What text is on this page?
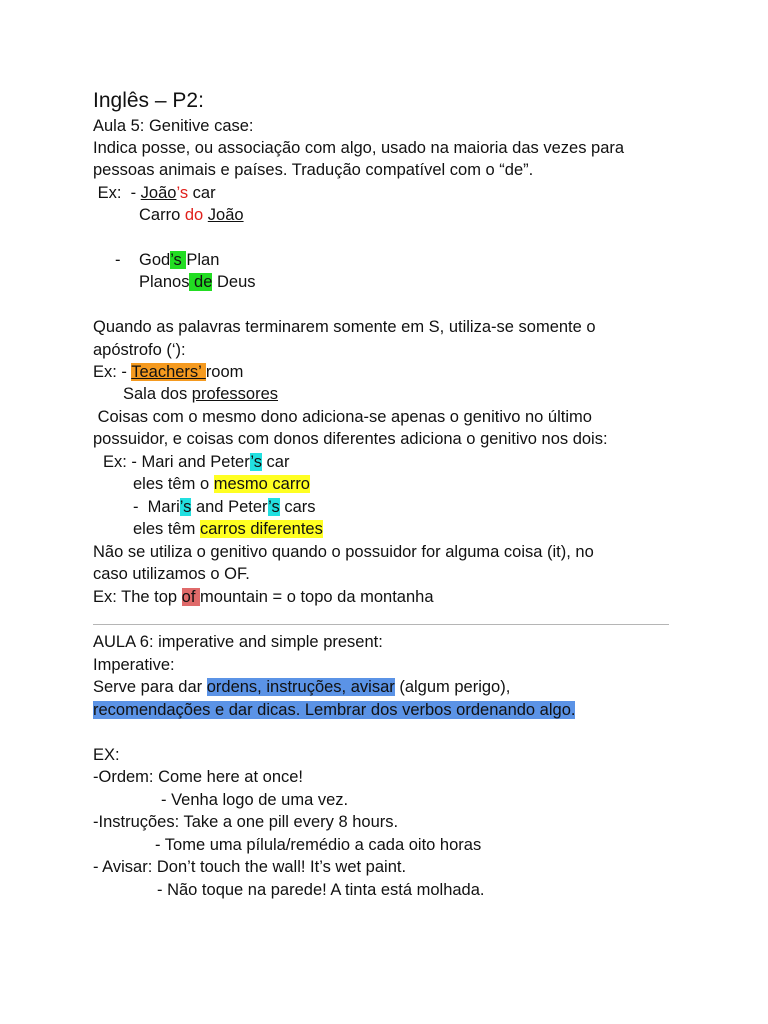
Inglês – P2:
Aula 5: Genitive case:
Indica posse, ou associação com algo, usado na maioria das vezes para
pessoas animais e países. Tradução compatível com o “de”.
Ex:  - João’s car
Carro do João
- God’s Plan
Planos de Deus
Quando as palavras terminarem somente em S, utiliza-se somente o
apóstrofo (‘):
Ex: - Teachers’ room
Sala dos professores
Coisas com o mesmo dono adiciona-se apenas o genitivo no último
possuidor, e coisas com donos diferentes adiciona o genitivo nos dois:
Ex: - Mari and Peter’s car
eles têm o mesmo carro
-  Mari’s and Peter’s cars
eles têm carros diferentes
Não se utiliza o genitivo quando o possuidor for alguma coisa (it), no
caso utilizamos o OF.
Ex: The top of mountain = o topo da montanha
AULA 6: imperative and simple present:
Imperative:
Serve para dar ordens, instruções, avisar (algum perigo),
recomendações e dar dicas. Lembrar dos verbos ordenando algo.
EX:
-Ordem: Come here at once!
- Venha logo de uma vez.
-Instruções: Take a one pill every 8 hours.
- Tome uma pílula/remédio a cada oito horas
- Avisar: Don’t touch the wall! It’s wet paint.
- Não toque na parede! A tinta está molhada.
